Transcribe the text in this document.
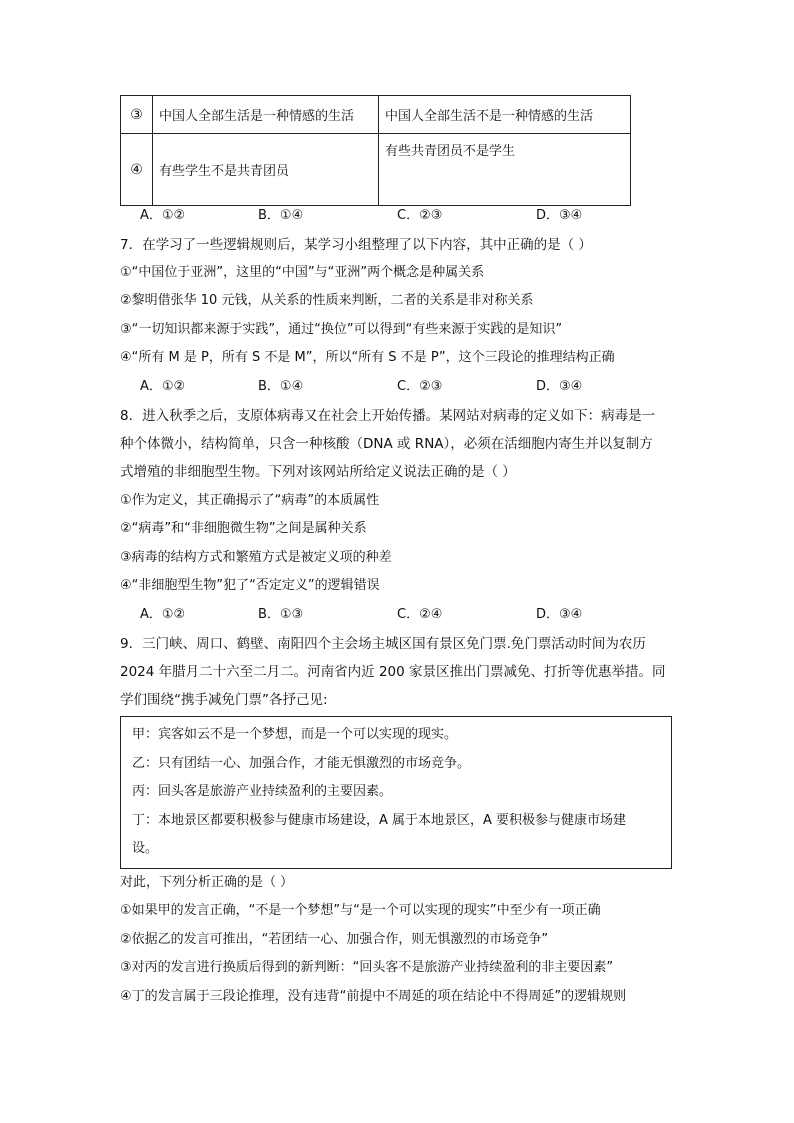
③	中国人全部生活是一种情感的生活	中国人全部生活不是一种情感的生活
④	有些学生不是共青团员	有些共青团员不是学生
A．①②	B．①④	C．②③	D．③④
7．在学习了一些逻辑规则后，某学习小组整理了以下内容，其中正确的是（ ）
①“中国位于亚洲”，这里的“中国”与“亚洲”两个概念是种属关系
②黎明借张华 10 元钱，从关系的性质来判断，二者的关系是非对称关系
③“一切知识都来源于实践”，通过“换位”可以得到“有些来源于实践的是知识”
④“所有 M 是 P，所有 S 不是 M”，所以“所有 S 不是 P”，这个三段论的推理结构正确
A．①②	B．①④	C．②③	D．③④
8．进入秋季之后，支原体病毒又在社会上开始传播。某网站对病毒的定义如下：病毒是一
种个体微小，结构简单，只含一种核酸（DNA 或 RNA），必须在活细胞内寄生并以复制方
式增殖的非细胞型生物。下列对该网站所给定义说法正确的是（ ）
①作为定义，其正确揭示了“病毒”的本质属性
②“病毒”和“非细胞微生物”之间是属种关系
③病毒的结构方式和繁殖方式是被定义项的种差
④“非细胞型生物”犯了“否定定义”的逻辑错误
A．①②	B．①③	C．②④	D．③④
9．三门峡、周口、鹤壁、南阳四个主会场主城区国有景区免门票.免门票活动时间为农历
2024 年腊月二十六至二月二。河南省内近 200 家景区推出门票减免、打折等优惠举措。同
学们围绕“携手减免门票”各抒己见:
甲：宾客如云不是一个梦想，而是一个可以实现的现实。
乙：只有团结一心、加强合作，才能无惧激烈的市场竞争。
丙：回头客是旅游产业持续盈利的主要因素。
丁：本地景区都要积极参与健康市场建设，A 属于本地景区，A 要积极参与健康市场建
设。
对此，下列分析正确的是（ ）
①如果甲的发言正确，“不是一个梦想”与“是一个可以实现的现实”中至少有一项正确
②依据乙的发言可推出，“若团结一心、加强合作，则无惧激烈的市场竞争”
③对丙的发言进行换质后得到的新判断：“回头客不是旅游产业持续盈利的非主要因素”
④丁的发言属于三段论推理，没有违背“前提中不周延的项在结论中不得周延”的逻辑规则
